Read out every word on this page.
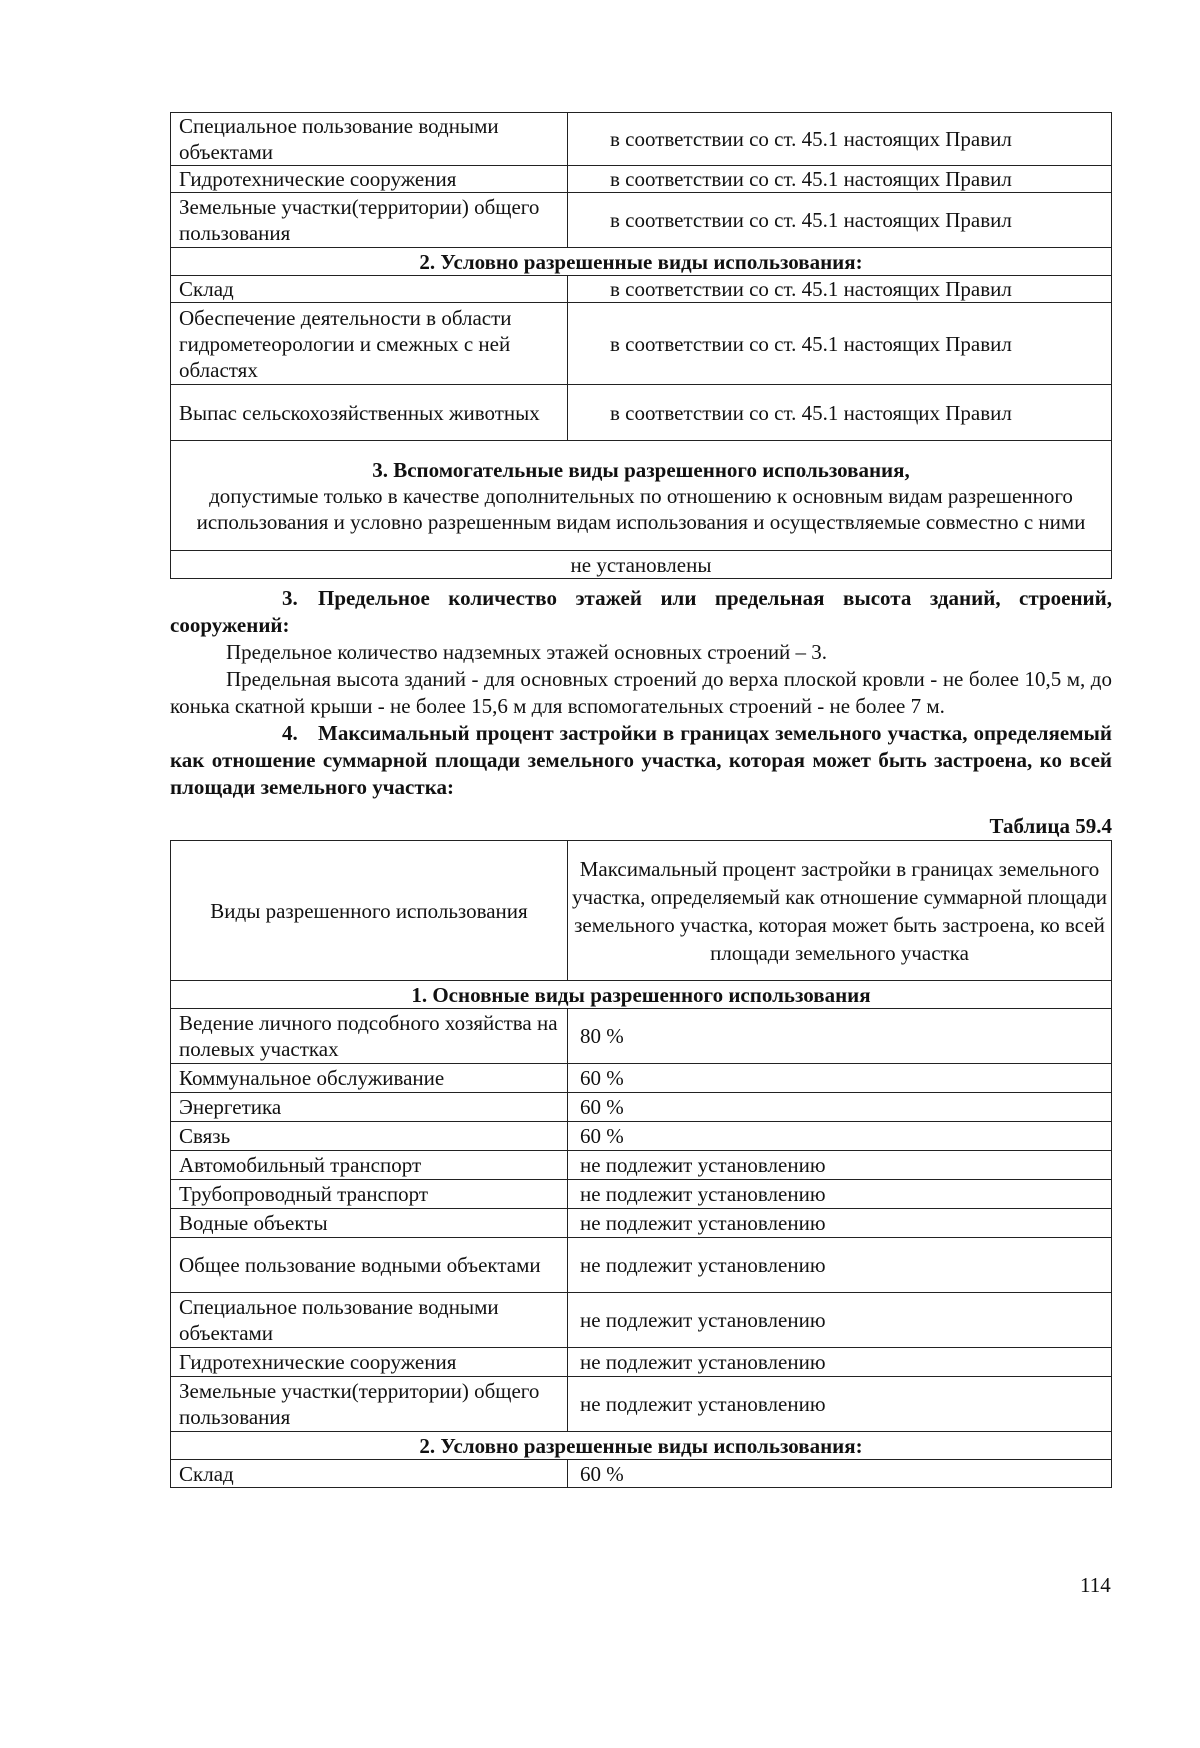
Специальное пользование водными объектами	в соответствии со ст. 45.1 настоящих Правил
Гидротехнические сооружения	в соответствии со ст. 45.1 настоящих Правил
Земельные участки(территории) общего пользования	в соответствии со ст. 45.1 настоящих Правил
2. Условно разрешенные виды использования:	
Склад	в соответствии со ст. 45.1 настоящих Правил
Обеспечение деятельности в области гидрометеорологии и смежных с ней областях	в соответствии со ст. 45.1 настоящих Правил
Выпас сельскохозяйственных животных	в соответствии со ст. 45.1 настоящих Правил

3. Вспомогательные виды разрешенного использования,
допустимые только в качестве дополнительных по отношению к основным видам разрешенного использования и условно разрешенным видам использования и осуществляемые совместно с ними	
не установлены	

3. Предельное количество этажей или предельная высота зданий, строений, сооружений:

Предельное количество надземных этажей основных строений – 3.

Предельная высота зданий - для основных строений до верха плоской кровли - не более 10,5 м, до конька скатной крыши - не более 15,6 м для вспомогательных строений - не более 7 м.

4. Максимальный процент застройки в границах земельного участка, определяемый как отношение суммарной площади земельного участка, которая может быть застроена, ко всей площади земельного участка:

Таблица 59.4
Виды разрешенного использования	Максимальный процент застройки в границах земельного участка, определяемый как отношение суммарной площади земельного участка, которая может быть застроена, ко всей площади земельного участка
1. Основные виды разрешенного использования	
Ведение личного подсобного хозяйства на полевых участках	80 %
Коммунальное обслуживание	60 %
Энергетика	60 %
Связь	60 %
Автомобильный транспорт	не подлежит установлению
Трубопроводный транспорт	не подлежит установлению
Водные объекты	не подлежит установлению
Общее пользование водными объектами	не подлежит установлению
Специальное пользование водными объектами	не подлежит установлению
Гидротехнические сооружения	не подлежит установлению
Земельные участки(территории) общего пользования	не подлежит установлению
2. Условно разрешенные виды использования:	
Склад	60 %
114
